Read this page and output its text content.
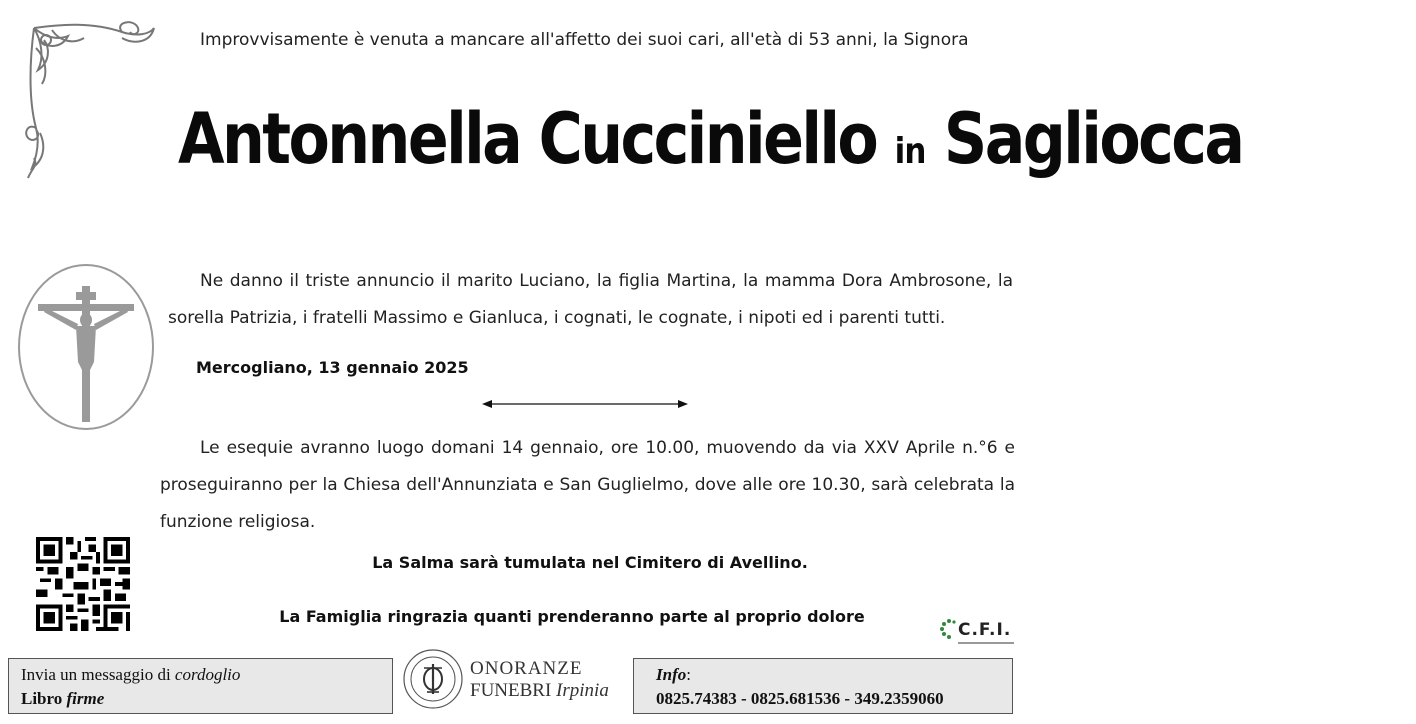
Improvvisamente è venuta a mancare all'affetto dei suoi cari, all'età di 53 anni, la Signora
Antonnella Cucciniello in Sagliocca
Ne danno il triste annuncio il marito Luciano, la figlia Martina, la mamma Dora Ambrosone, la sorella Patrizia, i fratelli Massimo e Gianluca, i cognati, le cognate, i nipoti ed i parenti tutti.
Mercogliano, 13 gennaio 2025
Le esequie avranno luogo domani 14 gennaio, ore 10.00, muovendo da via XXV Aprile n.°6 e proseguiranno per la Chiesa dell'Annunziata e San Guglielmo, dove alle ore 10.30, sarà celebrata la funzione religiosa.
La Salma sarà tumulata nel Cimitero di Avellino.
La Famiglia ringrazia quanti prenderanno parte al proprio dolore
C.F.I.
Invia un messaggio di cordoglio
Libro firme
ONORANZE
FUNEBRI Irpinia
Info:
0825.74383 - 0825.681536 - 349.2359060
